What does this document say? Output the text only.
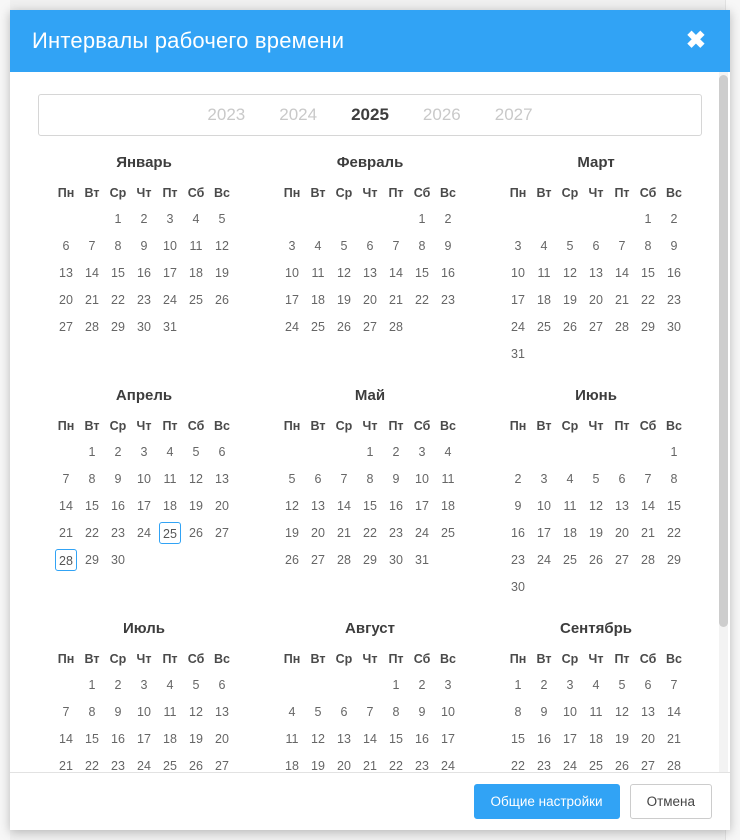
Интервалы рабочего времени	✖
2023 2024 2025 2026 2027
Январь
Пн	Вт	Ср	Чт	Пт	Сб	Вс
		1	2	3	4	5
6	7	8	9	10	11	12
13	14	15	16	17	18	19
20	21	22	23	24	25	26
27	28	29	30	31		
Февраль
Пн	Вт	Ср	Чт	Пт	Сб	Вс
					1	2
3	4	5	6	7	8	9
10	11	12	13	14	15	16
17	18	19	20	21	22	23
24	25	26	27	28		
Март
Пн	Вт	Ср	Чт	Пт	Сб	Вс
					1	2
3	4	5	6	7	8	9
10	11	12	13	14	15	16
17	18	19	20	21	22	23
24	25	26	27	28	29	30
31						
Апрель
Пн	Вт	Ср	Чт	Пт	Сб	Вс
	1	2	3	4	5	6
7	8	9	10	11	12	13
14	15	16	17	18	19	20
21	22	23	24	25	26	27
28	29	30				
Май
Пн	Вт	Ср	Чт	Пт	Сб	Вс
			1	2	3	4
5	6	7	8	9	10	11
12	13	14	15	16	17	18
19	20	21	22	23	24	25
26	27	28	29	30	31	
Июнь
Пн	Вт	Ср	Чт	Пт	Сб	Вс
						1
2	3	4	5	6	7	8
9	10	11	12	13	14	15
16	17	18	19	20	21	22
23	24	25	26	27	28	29
30						
Июль
Пн	Вт	Ср	Чт	Пт	Сб	Вс
	1	2	3	4	5	6
7	8	9	10	11	12	13
14	15	16	17	18	19	20
21	22	23	24	25	26	27

Август
Пн	Вт	Ср	Чт	Пт	Сб	Вс
				1	2	3
4	5	6	7	8	9	10
11	12	13	14	15	16	17
18	19	20	21	22	23	24

Сентябрь
Пн	Вт	Ср	Чт	Пт	Сб	Вс
1	2	3	4	5	6	7
8	9	10	11	12	13	14
15	16	17	18	19	20	21
22	23	24	25	26	27	28

Общие настройки	Отмена
